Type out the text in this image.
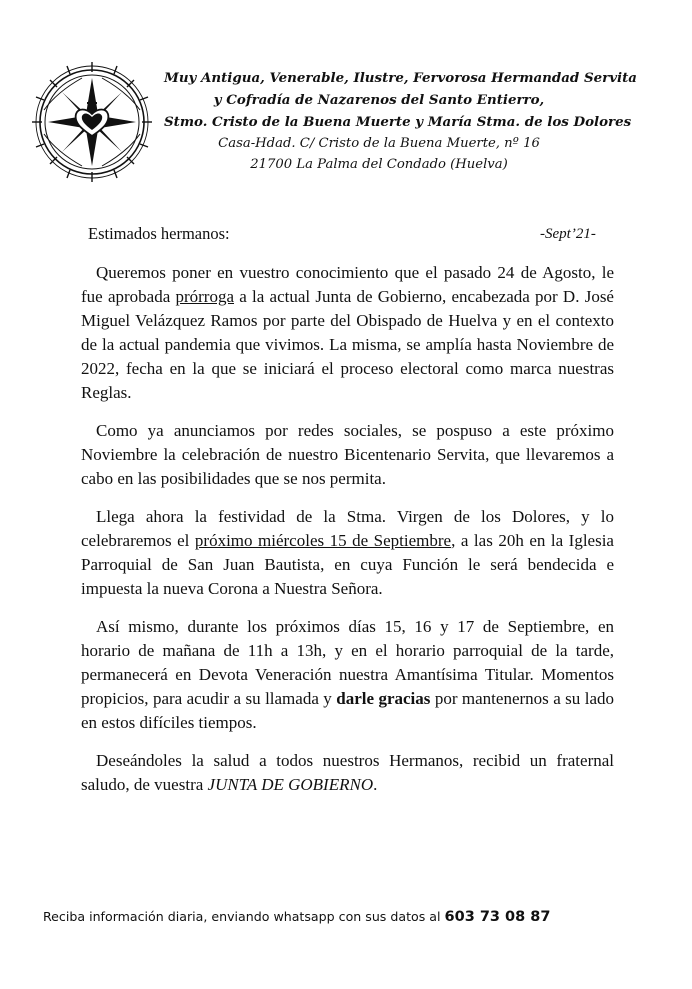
Muy Antigua, Venerable, Ilustre, Fervorosa Hermandad Servita
y Cofradía de Nazarenos del Santo Entierro,
Stmo. Cristo de la Buena Muerte y María Stma. de los Dolores
Casa-Hdad. C/ Cristo de la Buena Muerte, nº 16
21700 La Palma del Condado (Huelva)
Estimados hermanos:	-Sept’21-

Queremos poner en vuestro conocimiento que el pasado 24 de Agosto, le fue aprobada prórroga a la actual Junta de Gobierno, encabezada por D. José Miguel Velázquez Ramos por parte del Obispado de Huelva y en el contexto de la actual pandemia que vivimos. La misma, se amplía hasta Noviembre de 2022, fecha en la que se iniciará el proceso electoral como marca nuestras Reglas.

Como ya anunciamos por redes sociales, se pospuso a este próximo Noviembre la celebración de nuestro Bicentenario Servita, que llevaremos a cabo en las posibilidades que se nos permita.

Llega ahora la festividad de la Stma. Virgen de los Dolores, y lo celebraremos el próximo miércoles 15 de Septiembre, a las 20h en la Iglesia Parroquial de San Juan Bautista, en cuya Función le será bendecida e impuesta la nueva Corona a Nuestra Señora.

Así mismo, durante los próximos días 15, 16 y 17 de Septiembre, en horario de mañana de 11h a 13h, y en el horario parroquial de la tarde, permanecerá en Devota Veneración nuestra Amantísima Titular. Momentos propicios, para acudir a su llamada y darle gracias por mantenernos a su lado en estos difíciles tiempos.

Deseándoles la salud a todos nuestros Hermanos, recibid un fraternal saludo, de vuestra JUNTA DE GOBIERNO.

Reciba información diaria, enviando whatsapp con sus datos al 603 73 08 87
